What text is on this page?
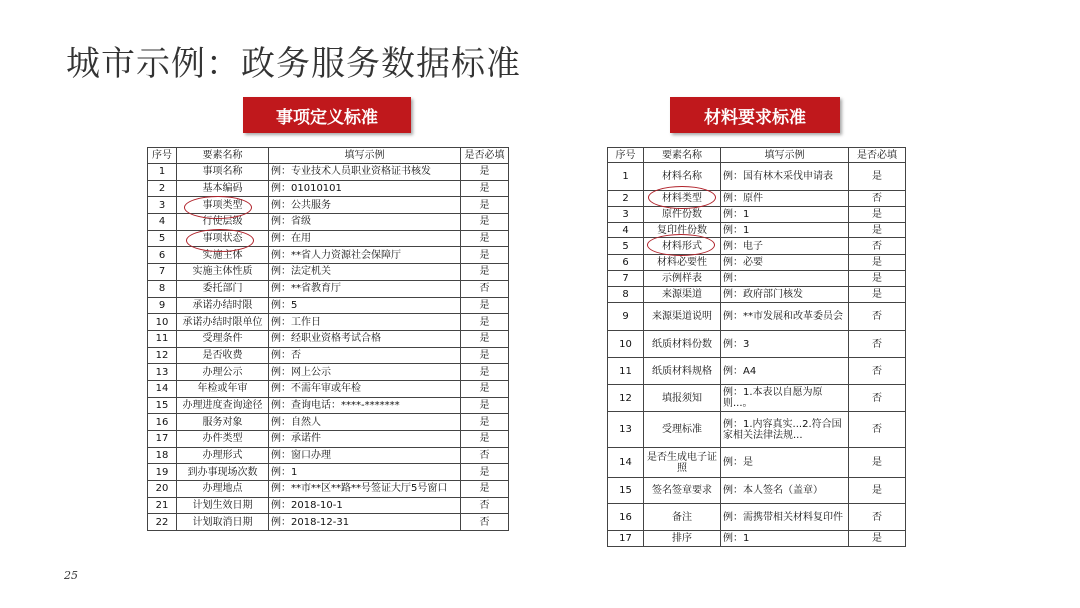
城市示例：政务服务数据标准
事项定义标准	材料要求标准
序号	要素名称	填写示例	是否必填
1	事项名称	例：专业技术人员职业资格证书核发	是
2	基本编码	例：01010101	是
3	事项类型	例：公共服务	是
4	行使层级	例：省级	是
5	事项状态	例：在用	是
6	实施主体	例：**省人力资源社会保障厅	是
7	实施主体性质	例：法定机关	是
8	委托部门	例：**省教育厅	否
9	承诺办结时限	例：5	是
10	承诺办结时限单位	例：工作日	是
11	受理条件	例：经职业资格考试合格	是
12	是否收费	例：否	是
13	办理公示	例：网上公示	是
14	年检或年审	例：不需年审或年检	是
15	办理进度查询途径	例：查询电话：****-*******	是
16	服务对象	例：自然人	是
17	办件类型	例：承诺件	是
18	办理形式	例：窗口办理	否
19	到办事现场次数	例：1	是
20	办理地点	例：**市**区**路**号签证大厅5号窗口	是
21	计划生效日期	例：2018-10-1	否
22	计划取消日期	例：2018-12-31	否
序号	要素名称	填写示例	是否必填
1	材料名称	例：国有林木采伐申请表	是
2	材料类型	例：原件	否
3	原件份数	例：1	是
4	复印件份数	例：1	是
5	材料形式	例：电子	否
6	材料必要性	例：必要	是
7	示例样表	例：	是
8	来源渠道	例：政府部门核发	是
9	来源渠道说明	例：**市发展和改革委员会	否
10	纸质材料份数	例：3	否
11	纸质材料规格	例：A4	否
12	填报须知	例：1.本表以自愿为原则...。	否
13	受理标准	例：1.内容真实...2.符合国家相关法律法规...	否
14	是否生成电子证照	例：是	是
15	签名签章要求	例：本人签名（盖章）	是
16	备注	例：需携带相关材料复印件	否
17	排序	例：1	是
25
